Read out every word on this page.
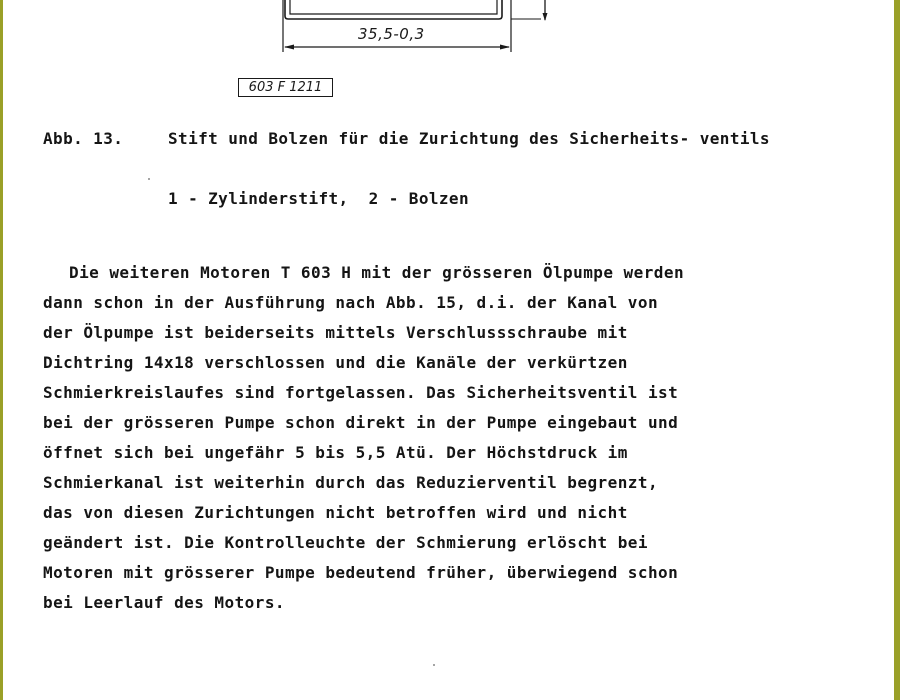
35,5-0,3
603 F 1211
Abb. 13.	Stift und Bolzen für die Zurichtung des Sicherheits- ventils
1 - Zylinderstift,  2 - Bolzen
Die weiteren Motoren T 603 H mit der grösseren Ölpumpe werden
dann schon in der Ausführung nach Abb. 15, d.i. der Kanal von
der Ölpumpe ist beiderseits mittels Verschlussschraube mit
Dichtring 14x18 verschlossen und die Kanäle der verkürtzen
Schmierkreislaufes sind fortgelassen. Das Sicherheitsventil ist
bei der grösseren Pumpe schon direkt in der Pumpe eingebaut und
öffnet sich bei ungefähr 5 bis 5,5 Atü. Der Höchstdruck im
Schmierkanal ist weiterhin durch das Reduzierventil begrenzt,
das von diesen Zurichtungen nicht betroffen wird und nicht
geändert ist. Die Kontrolleuchte der Schmierung erlöscht bei
Motoren mit grösserer Pumpe bedeutend früher, überwiegend schon
bei Leerlauf des Motors.
